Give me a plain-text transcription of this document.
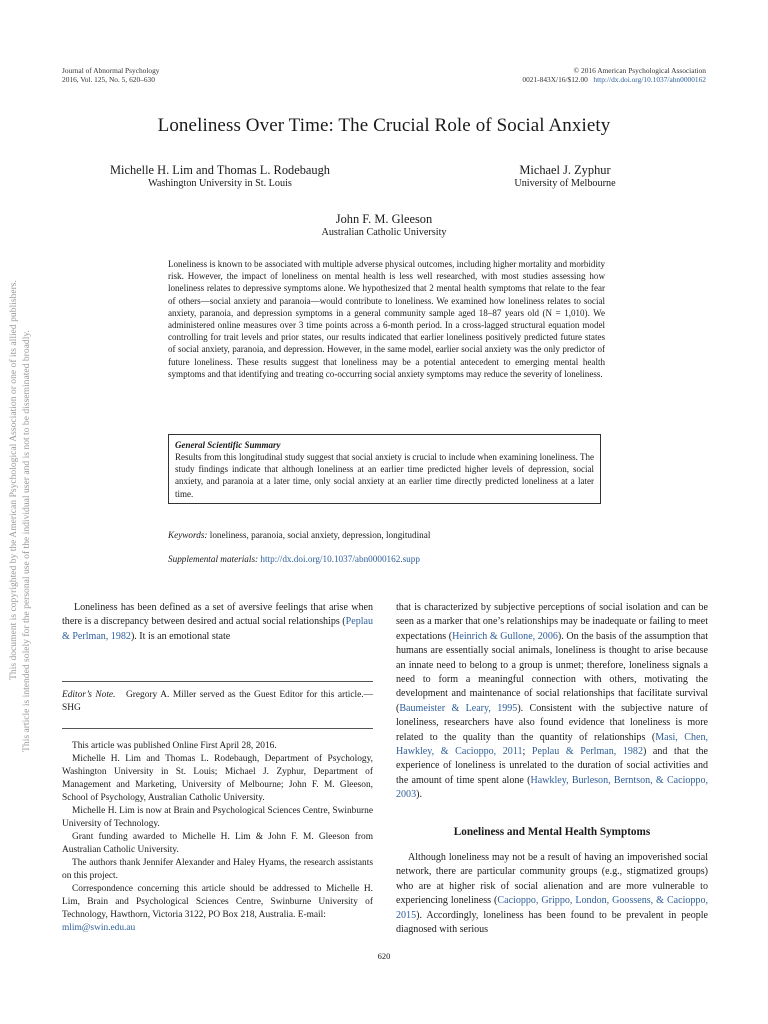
Journal of Abnormal Psychology
2016, Vol. 125, No. 5, 620–630
© 2016 American Psychological Association
0021-843X/16/$12.00 http://dx.doi.org/10.1037/abn0000162
Loneliness Over Time: The Crucial Role of Social Anxiety
Michelle H. Lim and Thomas L. Rodebaugh
Washington University in St. Louis
Michael J. Zyphur
University of Melbourne
John F. M. Gleeson
Australian Catholic University
Loneliness is known to be associated with multiple adverse physical outcomes, including higher mortality and morbidity risk. However, the impact of loneliness on mental health is less well researched, with most studies assessing how loneliness relates to depressive symptoms alone. We hypothesized that 2 mental health symptoms that relate to the fear of others—social anxiety and paranoia—would contribute to loneliness. We examined how loneliness relates to social anxiety, paranoia, and depression symptoms in a general community sample aged 18–87 years old (N = 1,010). We administered online measures over 3 time points across a 6-month period. In a cross-lagged structural equation model controlling for trait levels and prior states, our results indicated that earlier loneliness positively predicted future states of social anxiety, paranoia, and depression. However, in the same model, earlier social anxiety was the only predictor of future loneliness. These results suggest that loneliness may be a potential antecedent to emerging mental health symptoms and that identifying and treating co-occurring social anxiety symptoms may reduce the severity of loneliness.
General Scientific Summary
Results from this longitudinal study suggest that social anxiety is crucial to include when examining loneliness. The study findings indicate that although loneliness at an earlier time predicted higher levels of depression, social anxiety, and paranoia at a later time, only social anxiety at an earlier time directly predicted loneliness at a later time.
Keywords: loneliness, paranoia, social anxiety, depression, longitudinal
Supplemental materials: http://dx.doi.org/10.1037/abn0000162.supp

Loneliness has been defined as a set of aversive feelings that arise when there is a discrepancy between desired and actual social relationships (Peplau & Perlman, 1982). It is an emotional state

Editor’s Note. Gregory A. Miller served as the Guest Editor for this article.—SHG

This article was published Online First April 28, 2016.

Michelle H. Lim and Thomas L. Rodebaugh, Department of Psychology, Washington University in St. Louis; Michael J. Zyphur, Department of Management and Marketing, University of Melbourne; John F. M. Gleeson, School of Psychology, Australian Catholic University.

Michelle H. Lim is now at Brain and Psychological Sciences Centre, Swinburne University of Technology.

Grant funding awarded to Michelle H. Lim & John F. M. Gleeson from Australian Catholic University.

The authors thank Jennifer Alexander and Haley Hyams, the research assistants on this project.

Correspondence concerning this article should be addressed to Michelle H. Lim, Brain and Psychological Sciences Centre, Swinburne University of Technology, Hawthorn, Victoria 3122, PO Box 218, Australia. E-mail:
mlim@swin.edu.au

that is characterized by subjective perceptions of social isolation and can be seen as a marker that one’s relationships may be inadequate or failing to meet expectations (Heinrich & Gullone, 2006). On the basis of the assumption that humans are essentially social animals, loneliness is thought to arise because an innate need to belong to a group is unmet; therefore, loneliness signals a need to form a meaningful connection with others, motivating the development and maintenance of social relationships that facilitate survival (Baumeister & Leary, 1995). Consistent with the subjective nature of loneliness, researchers have also found evidence that loneliness is more related to the quality than the quantity of relationships (Masi, Chen, Hawkley, & Cacioppo, 2011; Peplau & Perlman, 1982) and that the experience of loneliness is unrelated to the duration of social activities and the amount of time spent alone (Hawkley, Burleson, Berntson, & Cacioppo, 2003).

Loneliness and Mental Health Symptoms

Although loneliness may not be a result of having an impoverished social network, there are particular community groups (e.g., stigmatized groups) who are at higher risk of social alienation and are more vulnerable to experiencing loneliness (Cacioppo, Grippo, London, Goossens, & Cacioppo, 2015). Accordingly, loneliness has been found to be prevalent in people diagnosed with serious

620
This document is copyrighted by the American Psychological Association or one of its allied publishers. This article is intended solely for the personal use of the individual user and is not to be disseminated broadly.
